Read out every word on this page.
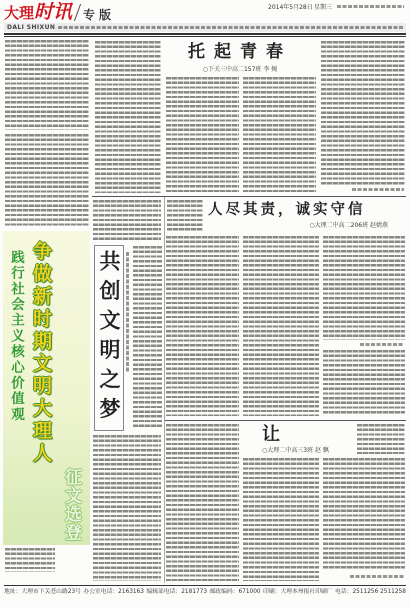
大理时讯 专版
2014年5月28日 星期三
DALI SHIXUN
践行社会主义核心价值观 争做新时期文明大理人
征文选登
托起青春
○下关三中高二157班 李 婉
人尽其责，诚实守信
○大理二中高二206班 赵婧燕
共创文明之梦
让
○大理二中高三3班 赵 飘
地址：大理市下关苍山路23号 办公室电话：2163163 编辑部电话：2181773 邮政编码：671000 印刷：大理本州报社印刷厂 电话：2511256 2511258
